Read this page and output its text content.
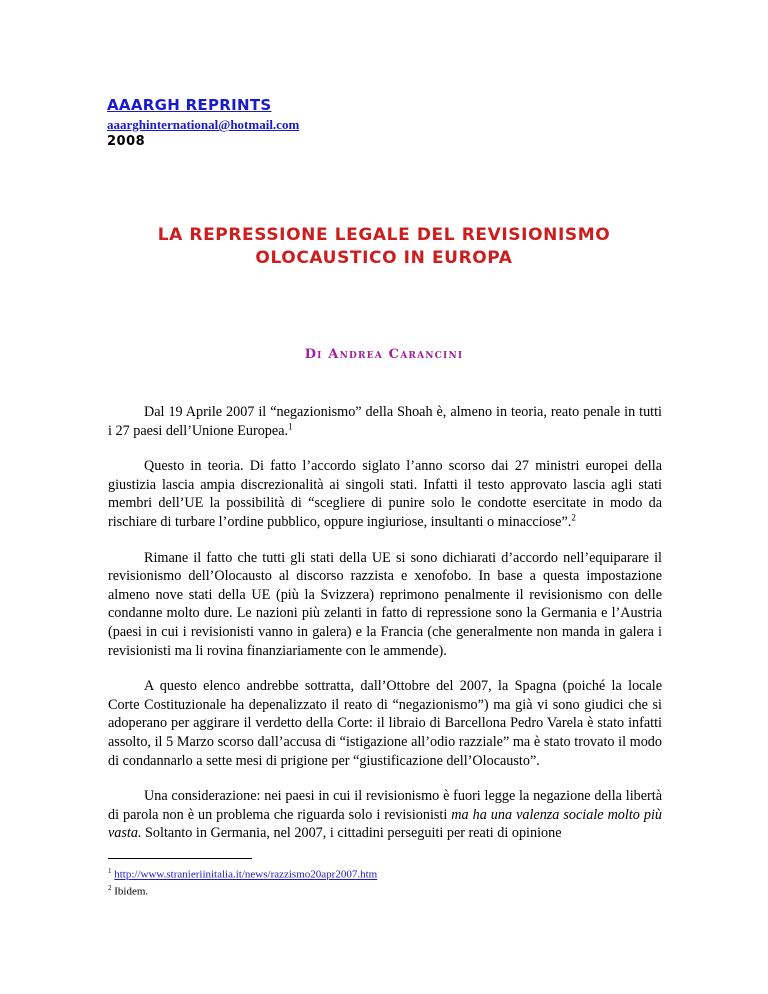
AAARGH REPRINTS
aaarghinternational@hotmail.com
2008
LA REPRESSIONE LEGALE DEL REVISIONISMO
OLOCAUSTICO IN EUROPA
Di Andrea Carancini

Dal 19 Aprile 2007 il “negazionismo” della Shoah è, almeno in teoria, reato penale in tutti i 27 paesi dell’Unione Europea.$^1$

Questo in teoria. Di fatto l’accordo siglato l’anno scorso dai 27 ministri europei della giustizia lascia ampia discrezionalità ai singoli stati. Infatti il testo approvato lascia agli stati membri dell’UE la possibilità di “scegliere di punire solo le condotte esercitate in modo da rischiare di turbare l’ordine pubblico, oppure ingiuriose, insultanti o minacciose”.$^2$

Rimane il fatto che tutti gli stati della UE si sono dichiarati d’accordo nell’equiparare il revisionismo dell’Olocausto al discorso razzista e xenofobo. In base a questa impostazione almeno nove stati della UE (più la Svizzera) reprimono penalmente il revisionismo con delle condanne molto dure. Le nazioni più zelanti in fatto di repressione sono la Germania e l’Austria (paesi in cui i revisionisti vanno in galera) e la Francia (che generalmente non manda in galera i revisionisti ma li rovina finanziariamente con le ammende).

A questo elenco andrebbe sottratta, dall’Ottobre del 2007, la Spagna (poiché la locale Corte Costituzionale ha depenalizzato il reato di “negazionismo”) ma già vi sono giudici che si adoperano per aggirare il verdetto della Corte: il libraio di Barcellona Pedro Varela è stato infatti assolto, il 5 Marzo scorso dall’accusa di “istigazione all’odio razziale” ma è stato trovato il modo di condannarlo a sette mesi di prigione per “giustificazione dell’Olocausto”.

Una considerazione: nei paesi in cui il revisionismo è fuori legge la negazione della libertà di parola non è un problema che riguarda solo i revisionisti ma ha una valenza sociale molto più vasta. Soltanto in Germania, nel 2007, i cittadini perseguiti per reati di opinione

$^1$ http://www.stranieriinitalia.it/news/razzismo20apr2007.htm
$^2$ Ibidem.
